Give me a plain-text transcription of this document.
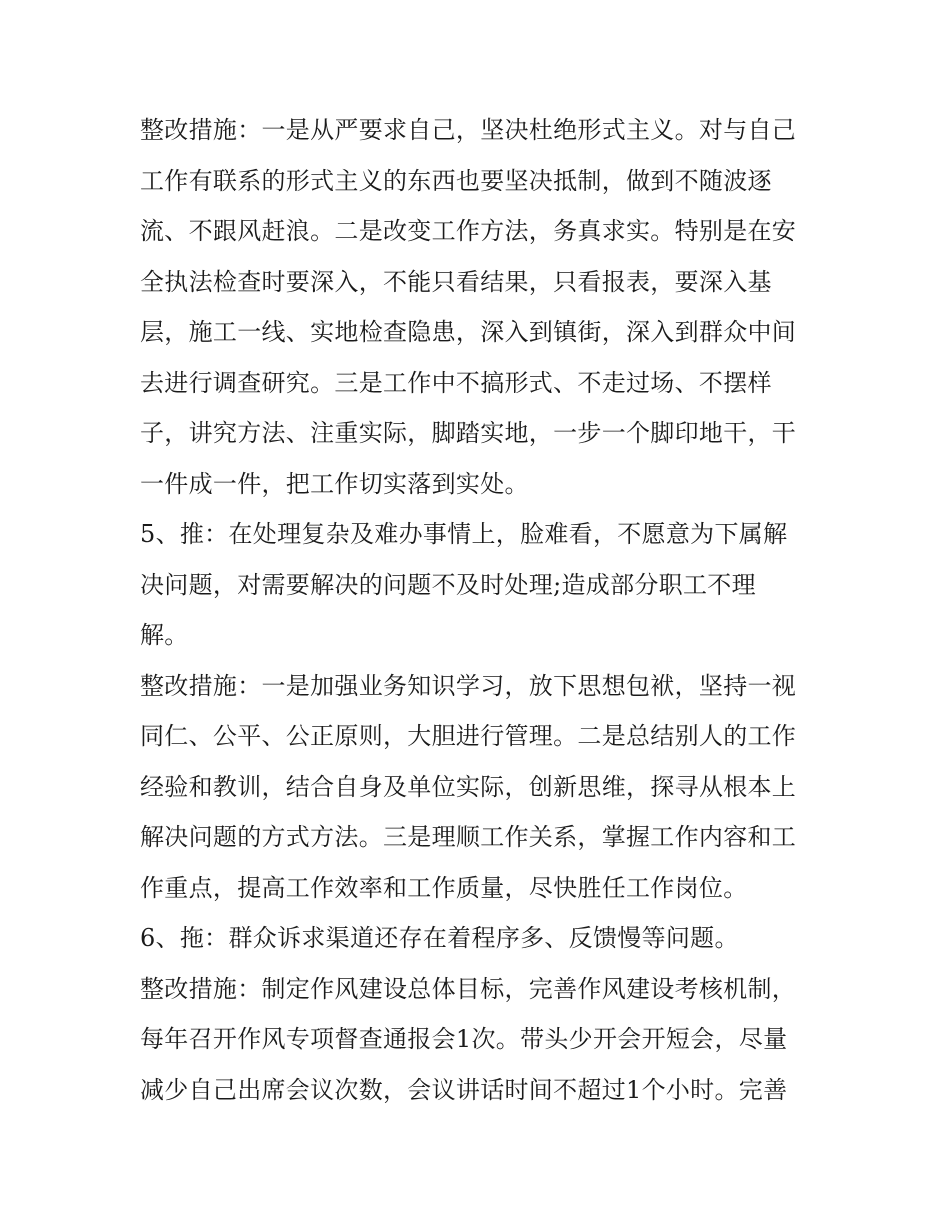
整改措施：一是从严要求自己，坚决杜绝形式主义。对与自己
工作有联系的形式主义的东西也要坚决抵制，做到不随波逐
流、不跟风赶浪。二是改变工作方法，务真求实。特别是在安
全执法检查时要深入，不能只看结果，只看报表，要深入基
层，施工一线、实地检查隐患，深入到镇街，深入到群众中间
去进行调查研究。三是工作中不搞形式、不走过场、不摆样
子，讲究方法、注重实际，脚踏实地，一步一个脚印地干，干
一件成一件，把工作切实落到实处。
5、推：在处理复杂及难办事情上，脸难看，不愿意为下属解
决问题，对需要解决的问题不及时处理;造成部分职工不理
解。
整改措施：一是加强业务知识学习，放下思想包袱，坚持一视
同仁、公平、公正原则，大胆进行管理。二是总结别人的工作
经验和教训，结合自身及单位实际，创新思维，探寻从根本上
解决问题的方式方法。三是理顺工作关系，掌握工作内容和工
作重点，提高工作效率和工作质量，尽快胜任工作岗位。
6、拖：群众诉求渠道还存在着程序多、反馈慢等问题。
整改措施：制定作风建设总体目标，完善作风建设考核机制，
每年召开作风专项督查通报会1次。带头少开会开短会，尽量
减少自己出席会议次数，会议讲话时间不超过1个小时。完善
